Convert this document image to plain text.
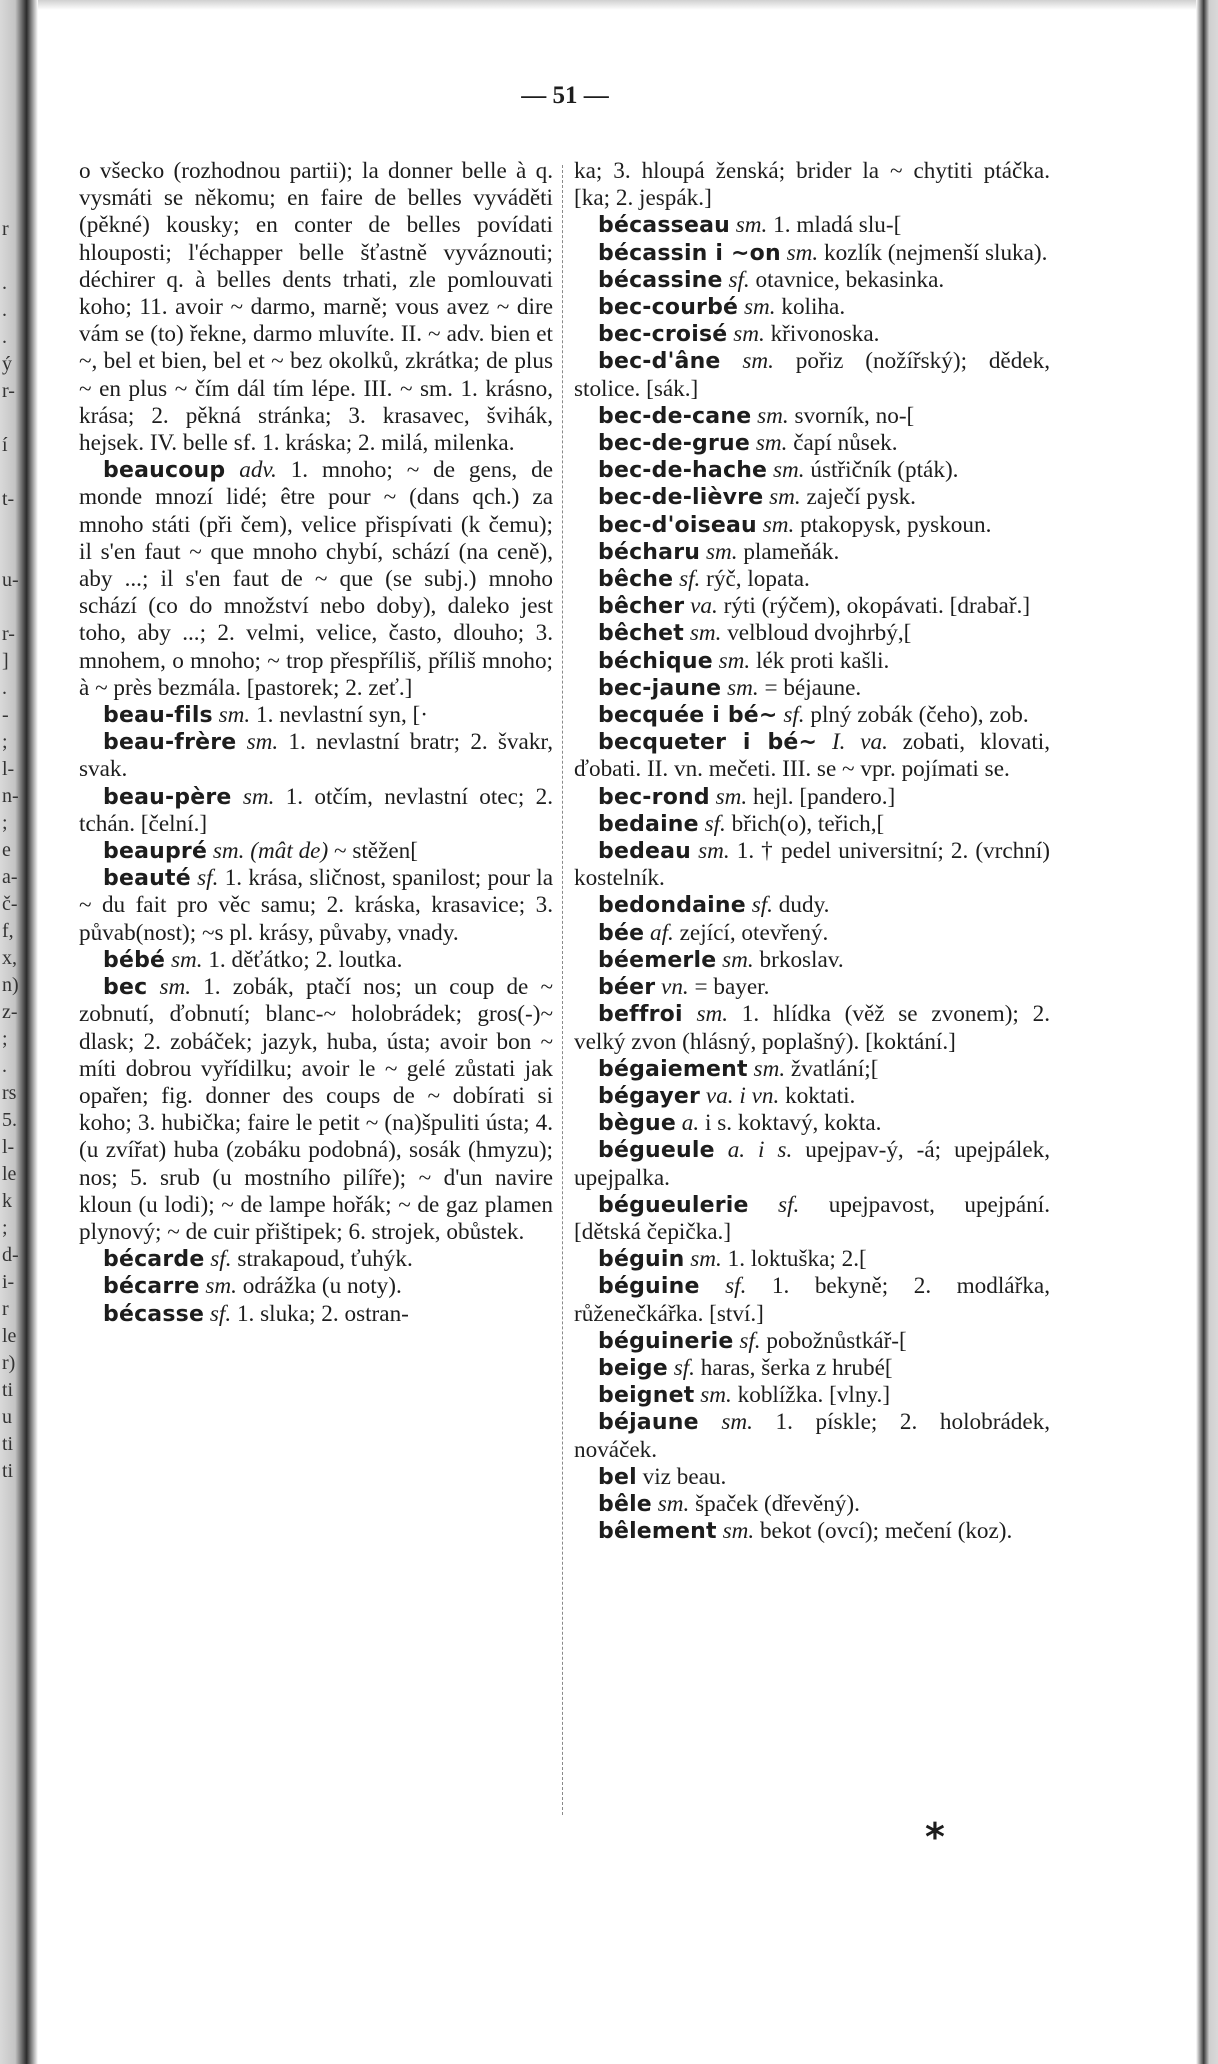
r

.
.
.
ý
r-

í

t-

u-

r-
]
.
-
;
l-
n-
;
e
a-
č-
f,
x,
n)
z-
;
.
rs
5.
l-
le
k
;
d-
i-
r
le
r)
ti
u
ti
ti
— 51 —

o všecko (rozhodnou partii); la donner belle à q. vysmáti se někomu; en faire de belles vyváděti (pěkné) kousky; en conter de belles povídati hlouposti; l'échapper belle šťastně vyváznouti; déchirer q. à belles dents trhati, zle pomlouvati koho; 11. avoir ~ darmo, marně; vous avez ~ dire vám se (to) řekne, darmo mluvíte. II. ~ adv. bien et ~, bel et bien, bel et ~ bez okolků, zkrátka; de plus ~ en plus ~ čím dál tím lépe. III. ~ sm. 1. krásno, krása; 2. pěkná stránka; 3. krasavec, švihák, hejsek. IV. belle sf. 1. kráska; 2. milá, milenka.

beaucoup adv. 1. mnoho; ~ de gens, de monde mnozí lidé; être pour ~ (dans qch.) za mnoho státi (při čem), velice přispívati (k čemu); il s'en faut ~ que mnoho chybí, schází (na ceně), aby ...; il s'en faut de ~ que (se subj.) mnoho schází (co do množství nebo doby), daleko jest toho, aby ...; 2. velmi, velice, často, dlouho; 3. mnohem, o mnoho; ~ trop přespříliš, příliš mnoho; à ~ près bezmála. [pastorek; 2. zeť.]

beau-fils sm. 1. nevlastní syn, [·

beau-frère sm. 1. nevlastní bratr; 2. švakr, svak.

beau-père sm. 1. otčím, nevlastní otec; 2. tchán. [čelní.]

beaupré sm. (mât de) ~ stěžen[

beauté sf. 1. krása, sličnost, spanilost; pour la ~ du fait pro věc samu; 2. kráska, krasavice; 3. půvab(nost); ~s pl. krásy, půvaby, vnady.

bébé sm. 1. děťátko; 2. loutka.

bec sm. 1. zobák, ptačí nos; un coup de ~ zobnutí, ďobnutí; blanc-~ holobrádek; gros(-)~ dlask; 2. zobáček; jazyk, huba, ústa; avoir bon ~ míti dobrou vyřídilku; avoir le ~ gelé zůstati jak opařen; fig. donner des coups de ~ dobírati si koho; 3. hubička; faire le petit ~ (na)špuliti ústa; 4. (u zvířat) huba (zobáku podobná), sosák (hmyzu); nos; 5. srub (u mostního pilíře); ~ d'un navire kloun (u lodi); ~ de lampe hořák; ~ de gaz plamen plynový; ~ de cuir přištipek; 6. strojek, obůstek.

bécarde sf. strakapoud, ťuhýk.

bécarre sm. odrážka (u noty).

bécasse sf. 1. sluka; 2. ostran-

ka; 3. hloupá ženská; brider la ~ chytiti ptáčka. [ka; 2. jespák.]

bécasseau sm. 1. mladá slu-[

bécassin i ~on sm. kozlík (nejmenší sluka).

bécassine sf. otavnice, bekasinka.

bec-courbé sm. koliha.

bec-croisé sm. křivonoska.

bec-d'âne sm. pořiz (nožířský); dědek, stolice. [sák.]

bec-de-cane sm. svorník, no-[

bec-de-grue sm. čapí nůsek.

bec-de-hache sm. ústřičník (pták).

bec-de-lièvre sm. zaječí pysk.

bec-d'oiseau sm. ptakopysk, pyskoun.

bécharu sm. plameňák.

bêche sf. rýč, lopata.

bêcher va. rýti (rýčem), okopávati. [drabař.]

bêchet sm. velbloud dvojhrbý,[

béchique sm. lék proti kašli.

bec-jaune sm. = béjaune.

becquée i bé~ sf. plný zobák (čeho), zob.

becqueter i bé~ I. va. zobati, klovati, ďobati. II. vn. mečeti. III. se ~ vpr. pojímati se.

bec-rond sm. hejl. [pandero.]

bedaine sf. břich(o), teřich,[

bedeau sm. 1. † pedel universitní; 2. (vrchní) kostelník.

bedondaine sf. dudy.

bée af. zející, otevřený.

béemerle sm. brkoslav.

béer vn. = bayer.

beffroi sm. 1. hlídka (věž se zvonem); 2. velký zvon (hlásný, poplašný). [koktání.]

bégaiement sm. žvatlání;[

bégayer va. i vn. koktati.

bègue a. i s. koktavý, kokta.

bégueule a. i s. upejpav-ý, -á; upejpálek, upejpalka.

bégueulerie sf. upejpavost, upejpání. [dětská čepička.]

béguin sm. 1. loktuška; 2.[

béguine sf. 1. bekyně; 2. modlářka, růženečkářka. [ství.]

béguinerie sf. pobožnůstkář-[

beige sf. haras, šerka z hrubé[

beignet sm. koblížka. [vlny.]

béjaune sm. 1. pískle; 2. holobrádek, nováček.

bel viz beau.

bêle sm. špaček (dřevěný).

bêlement sm. bekot (ovcí); mečení (koz).

*
